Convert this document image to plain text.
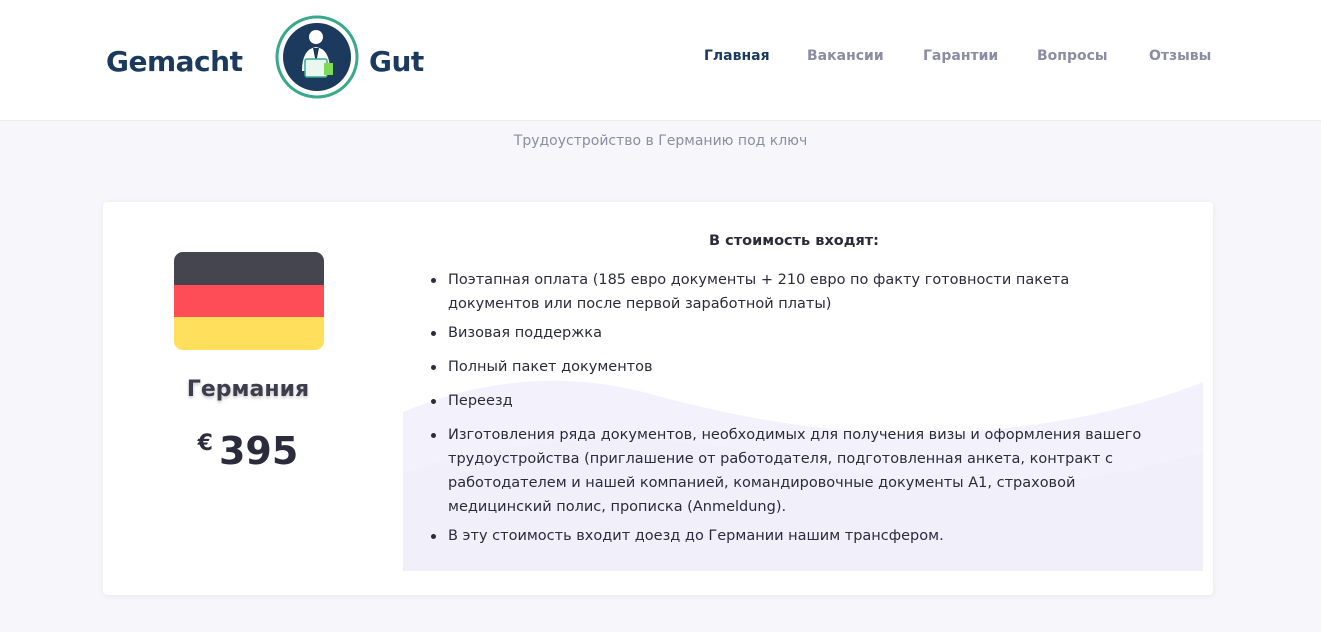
Gemacht	Gut	Главная	Вакансии	Гарантии	Вопросы	Отзывы
Трудоустройство в Германию под ключ
Германия
€ 395
В стоимость входят:
Поэтапная оплата (185 евро документы + 210 евро по факту готовности пакета документов или после первой заработной платы)
Визовая поддержка
Полный пакет документов
Переезд
Изготовления ряда документов, необходимых для получения визы и оформления вашего трудоустройства (приглашение от работодателя, подготовленная анкета, контракт с работодателем и нашей компанией, командировочные документы А1, страховой медицинский полис, прописка (Anmeldung).
В эту стоимость входит доезд до Германии нашим трансфером.
